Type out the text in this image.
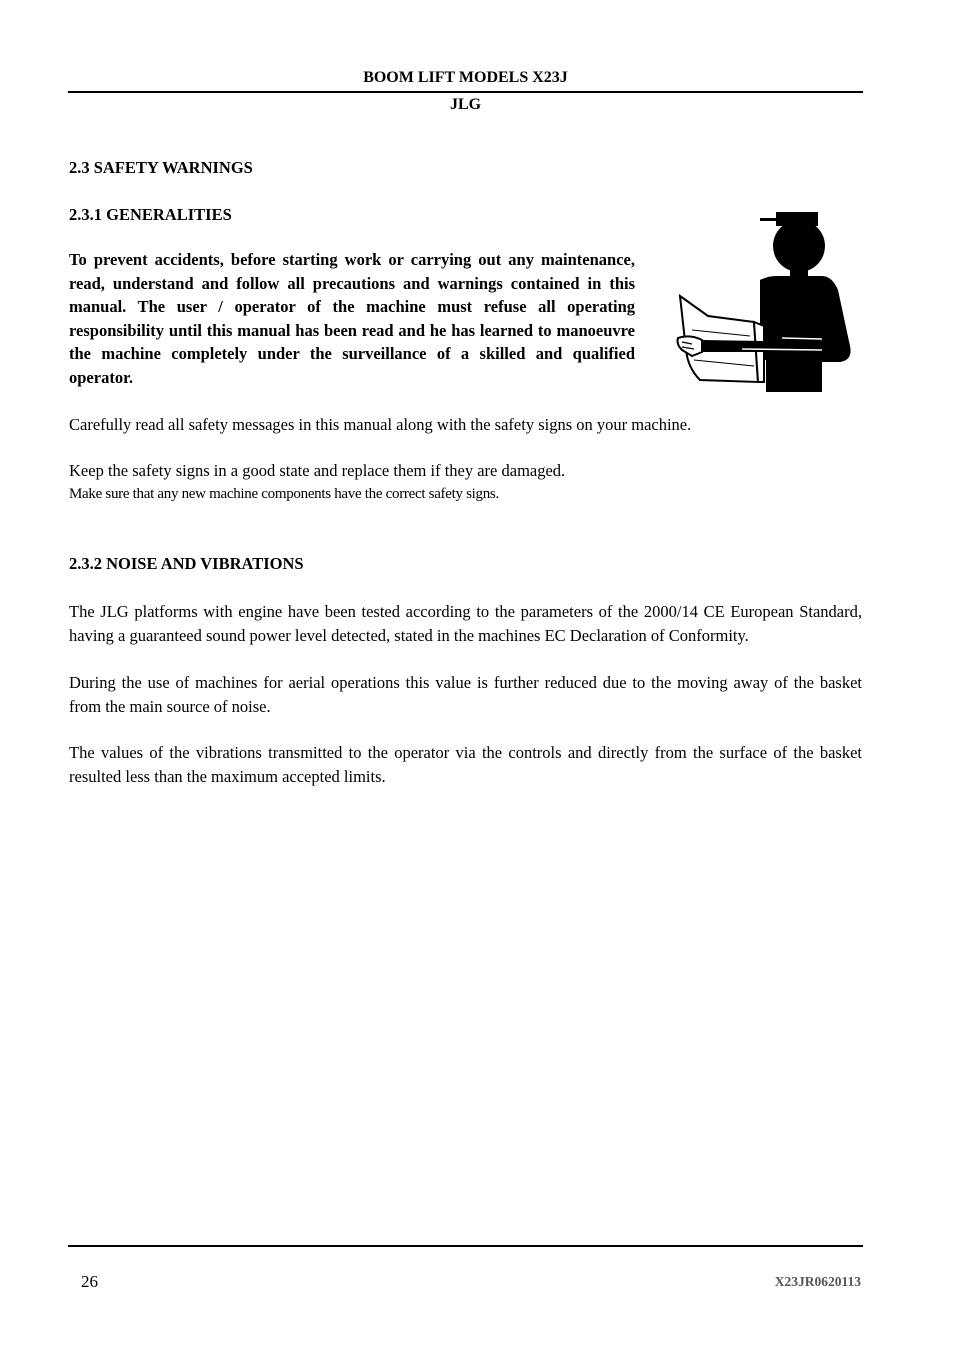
BOOM LIFT MODELS X23J
JLG
2.3 SAFETY WARNINGS
2.3.1 GENERALITIES
To prevent accidents, before starting work or carrying out any maintenance, read, understand and follow all precautions and warnings contained in this manual. The user / operator of the machine must refuse all operating responsibility until this manual has been read and he has learned to manoeuvre the machine completely under the surveillance of a skilled and qualified operator.
Carefully read all safety messages in this manual along with the safety signs on your machine.
Keep the safety signs in a good state and replace them if they are damaged.
Make sure that any new machine components have the correct safety signs.
2.3.2 NOISE AND VIBRATIONS
The JLG platforms with engine have been tested according to the parameters of the 2000/14 CE European Standard, having a guaranteed sound power level detected, stated in the machines EC Declaration of Conformity.
During the use of machines for aerial operations this value is further reduced due to the moving away of the basket from the main source of noise.
The values of the vibrations transmitted to the operator via the controls and directly from the surface of the basket resulted less than the maximum accepted limits.
26	X23JR0620113
